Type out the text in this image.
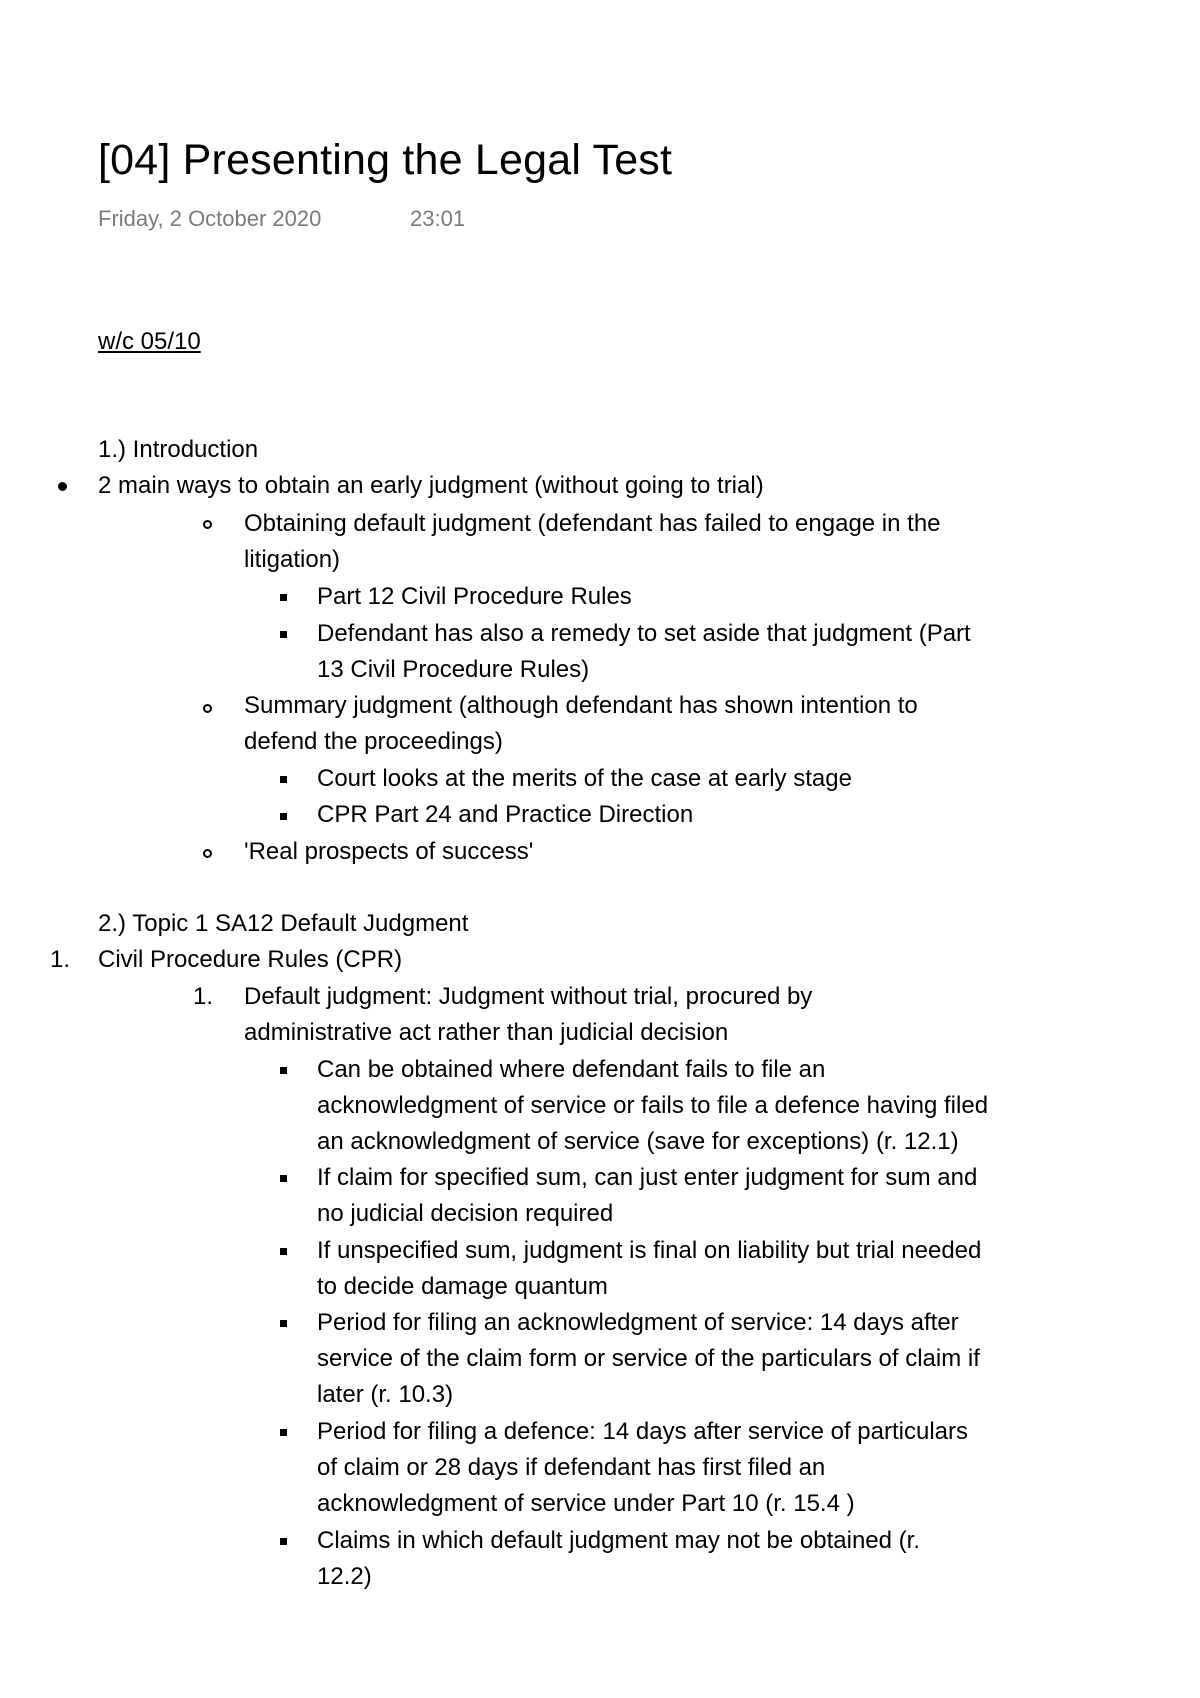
[04] Presenting the Legal Test
Friday, 2 October 2020	23:01
w/c 05/10
1.) Introduction
2 main ways to obtain an early judgment (without going to trial)
Obtaining default judgment (defendant has failed to engage in the
litigation)
Part 12 Civil Procedure Rules
Defendant has also a remedy to set aside that judgment (Part
13 Civil Procedure Rules)
Summary judgment (although defendant has shown intention to
defend the proceedings)
Court looks at the merits of the case at early stage
CPR Part 24 and Practice Direction
'Real prospects of success'
2.) Topic 1 SA12 Default Judgment
1. Civil Procedure Rules (CPR)
1. Default judgment: Judgment without trial, procured by
administrative act rather than judicial decision
Can be obtained where defendant fails to file an
acknowledgment of service or fails to file a defence having filed
an acknowledgment of service (save for exceptions) (r. 12.1)
If claim for specified sum, can just enter judgment for sum and
no judicial decision required
If unspecified sum, judgment is final on liability but trial needed
to decide damage quantum
Period for filing an acknowledgment of service: 14 days after
service of the claim form or service of the particulars of claim if
later (r. 10.3)
Period for filing a defence: 14 days after service of particulars
of claim or 28 days if defendant has first filed an
acknowledgment of service under Part 10 (r. 15.4 )
Claims in which default judgment may not be obtained (r.
12.2)
